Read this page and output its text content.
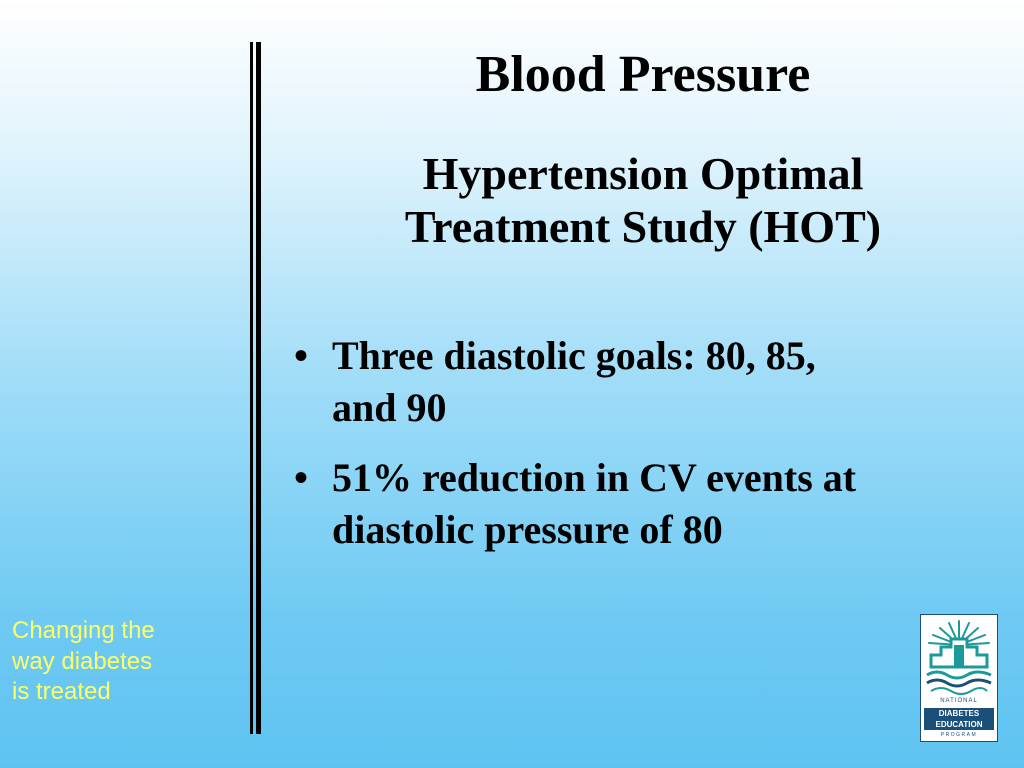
Blood Pressure
Hypertension Optimal
Treatment Study (HOT)
• Three diastolic goals: 80, 85,
and 90
• 51% reduction in CV events at
diastolic pressure of 80
Changing the
way diabetes
is treated	NATIONAL
DIABETES
EDUCATION
PROGRAM
